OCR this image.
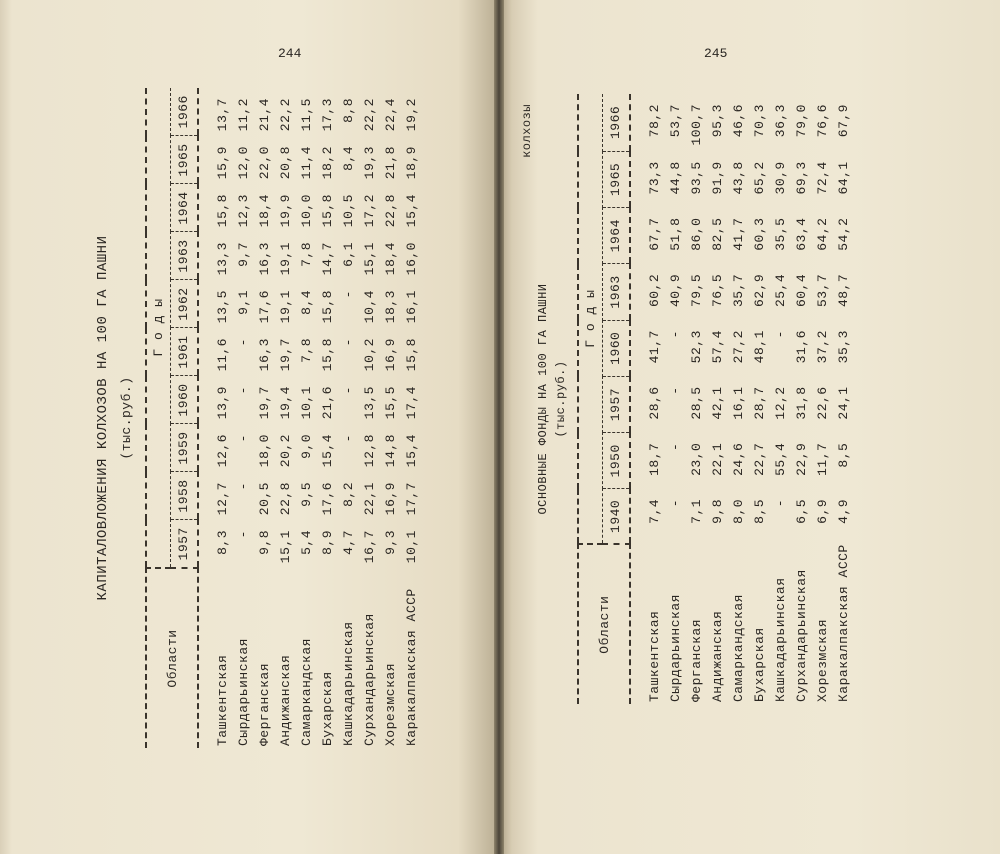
244
КАПИТАЛОВЛОЖЕНИЯ КОЛХОЗОВ НА 100 ГА ПАШНИ										
(тыс.руб.)										

Области	Г о д ы									
	1957	1958	1959	1960	1961	1962	1963	1964	1965	1966

Ташкентская	8,3	12,7	12,6	13,9	11,6	13,5	13,3	15,8	15,9	13,7
Сырдарьинская	-	-	-	-	-	9,1	9,7	12,3	12,0	11,2
Ферганская	9,8	20,5	18,0	19,7	16,3	17,6	16,3	18,4	22,0	21,4
Андижанская	15,1	22,8	20,2	19,4	19,7	19,1	19,1	19,9	20,8	22,2
Самаркандская	5,4	9,5	9,0	10,1	7,8	8,4	7,8	10,0	11,4	11,5
Бухарская	8,9	17,6	15,4	21,6	15,8	15,8	14,7	15,8	18,2	17,3
Кашкадарьинская	4,7	8,2	-	-	-	-	6,1	10,5	8,4	8,8
Сурхандарьинская	16,7	22,1	12,8	13,5	10,2	10,4	15,1	17,2	19,3	22,2
Хорезмская	9,3	16,9	14,8	15,5	16,9	18,3	18,4	22,8	21,8	22,4
Каракалпакская АССР	10,1	17,7	15,4	17,4	15,8	16,1	16,0	15,4	18,9	19,2
245
колхозы								
ОСНОВНЫЕ ФОНДЫ НА 100 ГА ПАШНИ								
(тыс.руб.)								

Области	Г о д ы							
	1940	1950	1957	1960	1963	1964	1965	1966

Ташкентская	7,4	18,7	28,6	41,7	60,2	67,7	73,3	78,2
Сырдарьинская	-	-	-	-	40,9	51,8	44,8	53,7
Ферганская	7,1	23,0	28,5	52,3	79,5	86,0	93,5	100,7
Андижанская	9,8	22,1	42,1	57,4	76,5	82,5	91,9	95,3
Самаркандская	8,0	24,6	16,1	27,2	35,7	41,7	43,8	46,6
Бухарская	8,5	22,7	28,7	48,1	62,9	60,3	65,2	70,3
Кашкадарьинская	-	55,4	12,2	-	25,4	35,5	30,9	36,3
Сурхандарьинская	6,5	22,9	31,8	31,6	60,4	63,4	69,3	79,0
Хорезмская	6,9	11,7	22,6	37,2	53,7	64,2	72,4	76,6
Каракалпакская АССР	4,9	8,5	24,1	35,3	48,7	54,2	64,1	67,9
